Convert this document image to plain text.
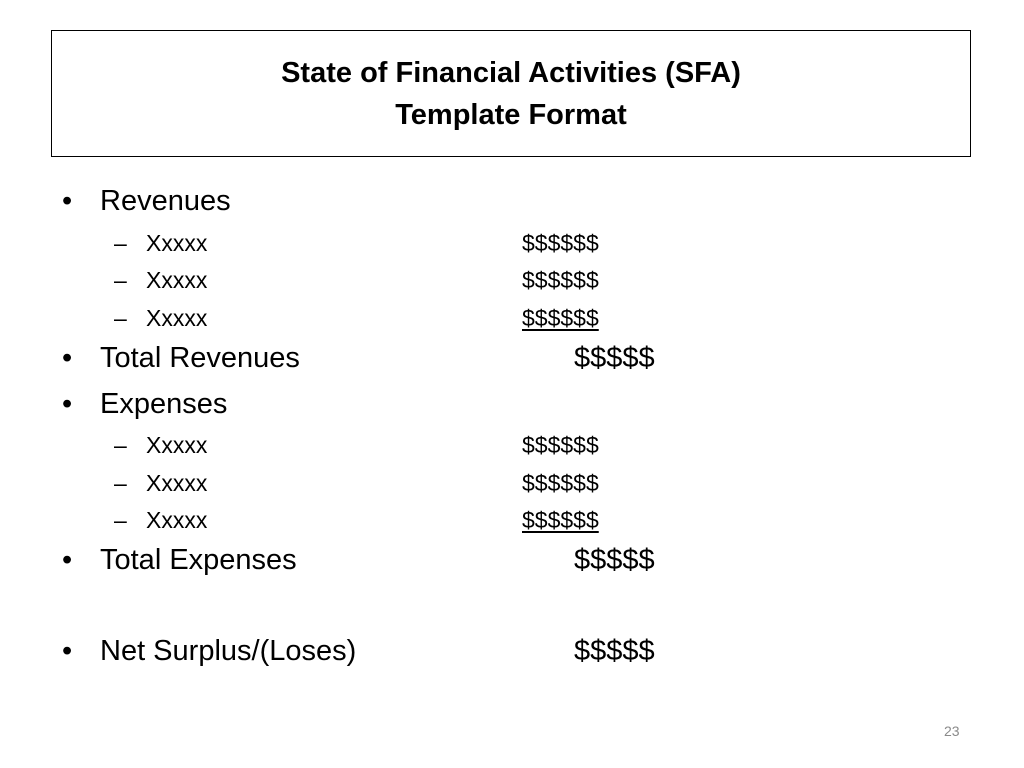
State of Financial Activities (SFA)
Template Format
• Revenues
– Xxxxx	$$$$$$
– Xxxxx	$$$$$$
– Xxxxx	$$$$$$
• Total Revenues	$$$$$
• Expenses
– Xxxxx	$$$$$$
– Xxxxx	$$$$$$
– Xxxxx	$$$$$$
• Total Expenses	$$$$$
• Net Surplus/(Loses)	$$$$$
23
